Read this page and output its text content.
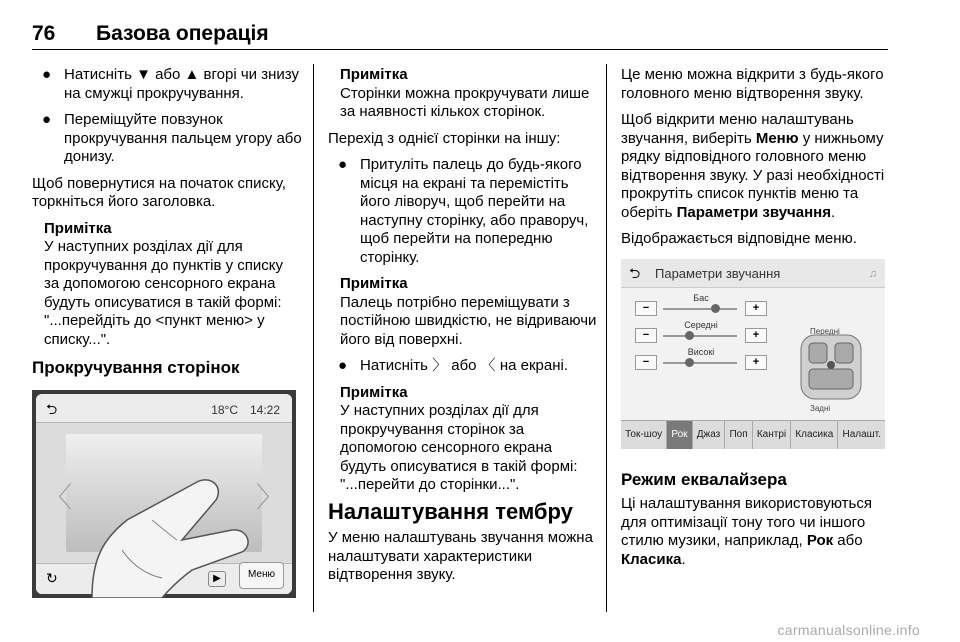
76 Базова операція
● Натисніть ▼ або ▲ вгорі чи знизу на смужці прокручування.
● Переміщуйте повзунок прокручування пальцем угору або донизу.

Щоб повернутися на початок списку, торкніться його заголовка.

Примітка
У наступних розділах дії для прокручування до пунктів у списку за допомогою сенсорного екрана будуть описуватися в такій формі: "...перейдіть до <пункт меню> у списку...".
Прокручування сторінок
⮌	18°C 14:22
〈	〉
↻	▶	Меню
Примітка
Сторінки можна прокручувати лише за наявності кількох сторінок.

Перехід з однієї сторінки на іншу:

● Притуліть палець до будь-якого місця на екрані та перемістіть його ліворуч, щоб перейти на наступну сторінку, або праворуч, щоб перейти на попередню сторінку.
Примітка
Палець потрібно переміщувати з постійною швидкістю, не відриваючи його від поверхні.
● Натисніть 〉 або 〈 на екрані.
Примітка
У наступних розділах дії для прокручування сторінок за допомогою сенсорного екрана будуть описуватися в такій формі: "...перейти до сторінки...".
Налаштування тембру

У меню налаштувань звучання можна налаштувати характеристики відтворення звуку.

Це меню можна відкрити з будь-якого головного меню відтворення звуку.

Щоб відкрити меню налаштувань звучання, виберіть Меню у нижньому рядку відповідного головного меню відтворення звуку. У разі необхідності прокрутіть список пунктів меню та оберіть Параметри звучання.

Відображається відповідне меню.

⮌ Параметри звучання	♫
Бас
−	+
Середні
−	+
Високі
−	+
Передні
Задні
Ток-шоу Рок Джаз Поп Кантрі Класика Налашт.
Режим еквалайзера

Ці налаштування використовуються для оптимізації тону того чи іншого стилю музики, наприклад, Рок або Класика.

carmanualsonline.info
